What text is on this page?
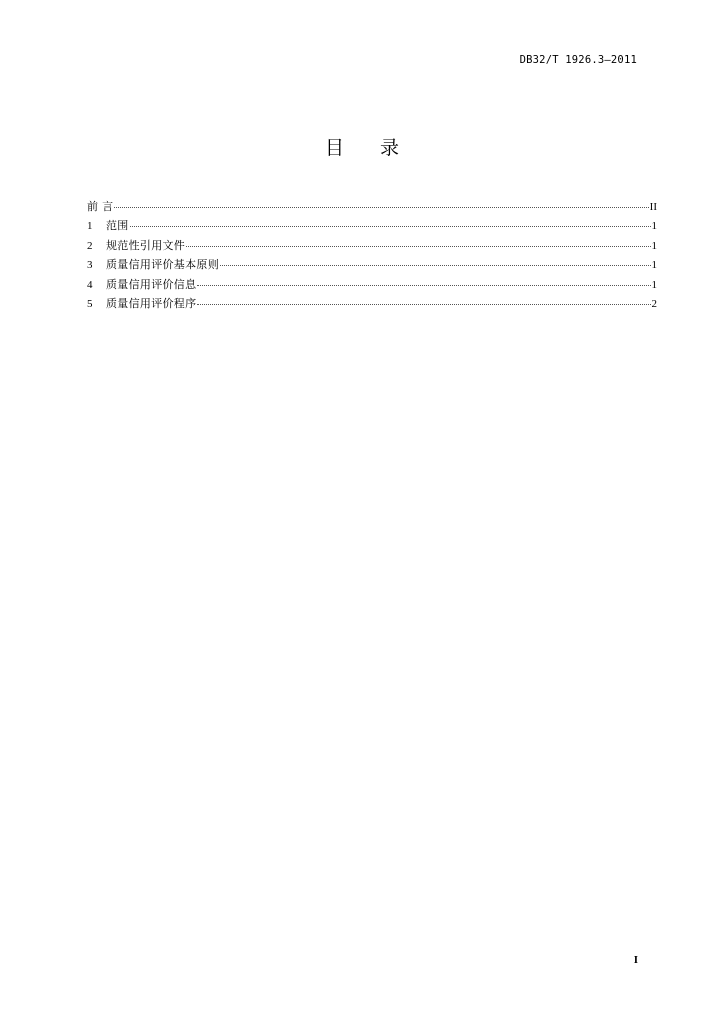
DB32/T 1926.3—2011
目录
前 言	II
1	范围	1
2	规范性引用文件	1
3	质量信用评价基本原则	1
4	质量信用评价信息	1
5	质量信用评价程序	2
I
